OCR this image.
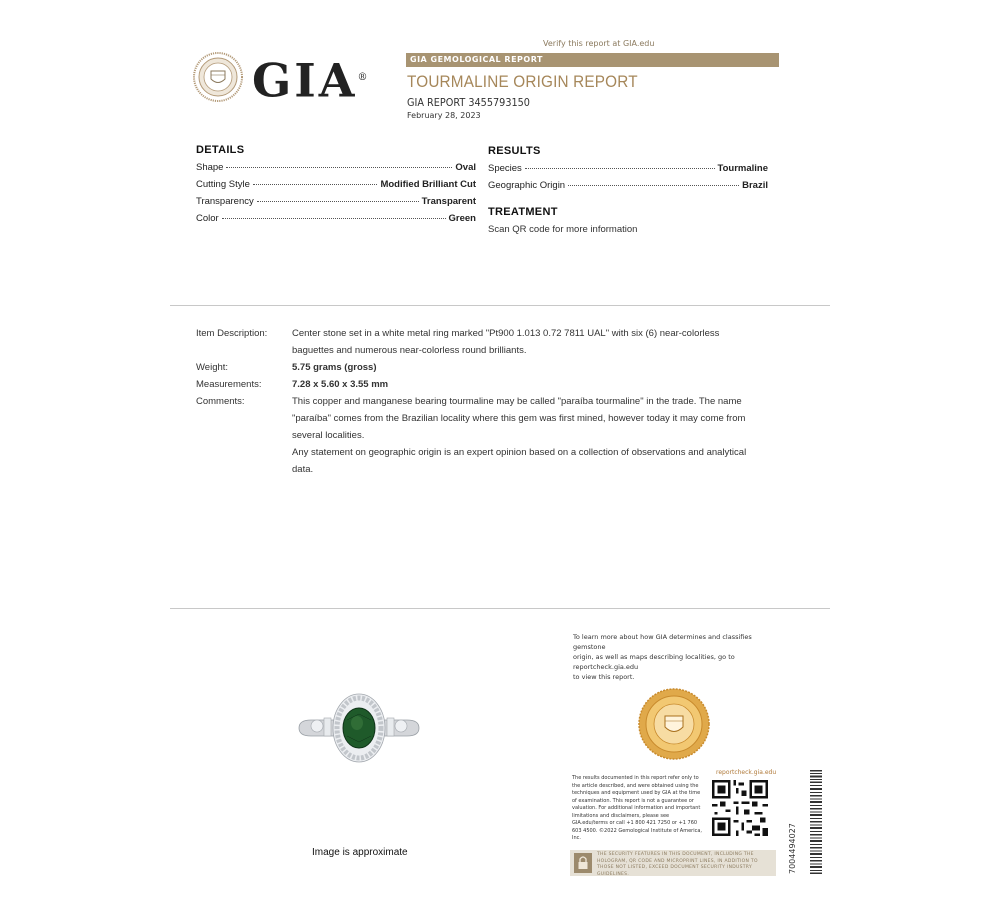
GIA®
Verify this report at GIA.edu
GIA GEMOLOGICAL REPORT
TOURMALINE ORIGIN REPORT
GIA REPORT 3455793150
February 28, 2023
DETAILS
Shape	Oval
Cutting Style	Modified Brilliant Cut
Transparency	Transparent
Color	Green
RESULTS
Species	Tourmaline
Geographic Origin	Brazil
TREATMENT
Scan QR code for more information
Item Description:	Center stone set in a white metal ring marked "Pt900 1.013 0.72 7811 UAL" with six (6) near-colorless
baguettes and numerous near-colorless round brilliants.
Weight:	5.75 grams (gross)
Measurements:	7.28 x 5.60 x 3.55 mm
Comments:	This copper and manganese bearing tourmaline may be called "paraíba tourmaline" in the trade. The name
"paraíba" comes from the Brazilian locality where this gem was first mined, however today it may come from
several localities.
Any statement on geographic origin is an expert opinion based on a collection of observations and analytical
data.
Image is approximate
To learn more about how GIA determines and classifies gemstone
origin, as well as maps describing localities, go to reportcheck.gia.edu
to view this report.
reportcheck.gia.edu
The results documented in this report refer only to the article described, and were obtained using the techniques and equipment used by GIA at the time of examination. This report is not a guarantee or valuation. For additional information and important limitations and disclaimers, please see GIA.edu/terms or call +1 800 421 7250 or +1 760 603 4500. ©2022 Gemological Institute of America, Inc.
THE SECURITY FEATURES IN THIS DOCUMENT, INCLUDING THE HOLOGRAM, QR CODE AND MICROPRINT LINES, IN ADDITION TO THOSE NOT LISTED, EXCEED DOCUMENT SECURITY INDUSTRY GUIDELINES.	7004494027
